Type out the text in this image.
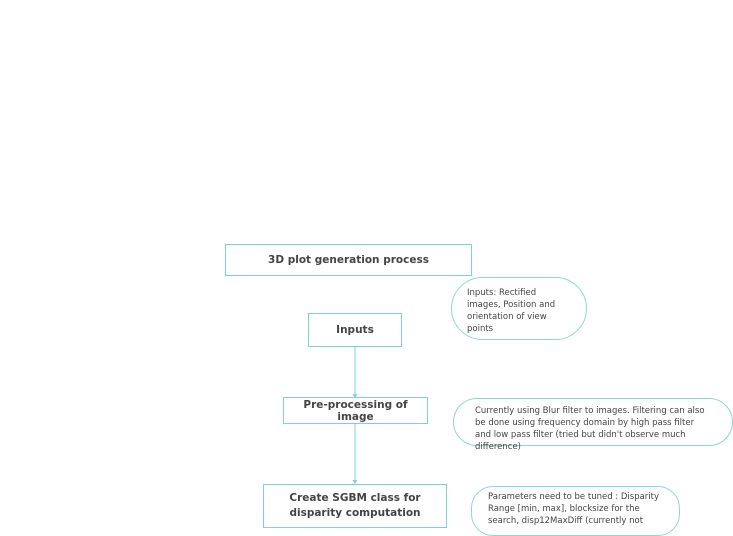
3D plot generation process
Inputs: Rectified images, Position and orientation of view points
Inputs
Pre-processing of image	Currently using Blur filter to images. Filtering can also be done using frequency domain by high pass filter and low pass filter (tried but didn't observe much difference)
Create SGBM class for disparity computation
Parameters need to be tuned : Disparity Range [min, max], blocksize for the search, disp12MaxDiff (currently not
